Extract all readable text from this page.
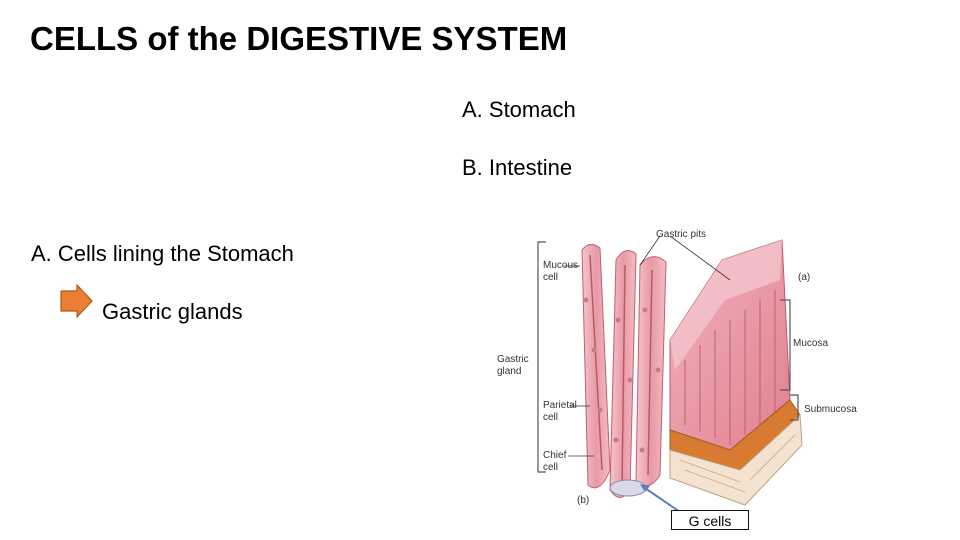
CELLS of the DIGESTIVE SYSTEM
A. Stomach
B. Intestine
A. Cells lining the Stomach
Gastric glands
Gastric pits
Mucous
cell	(a)
Gastric
gland
Parietal
cell
Chief
cell
(b)
Mucosa
Submucosa
G cells
